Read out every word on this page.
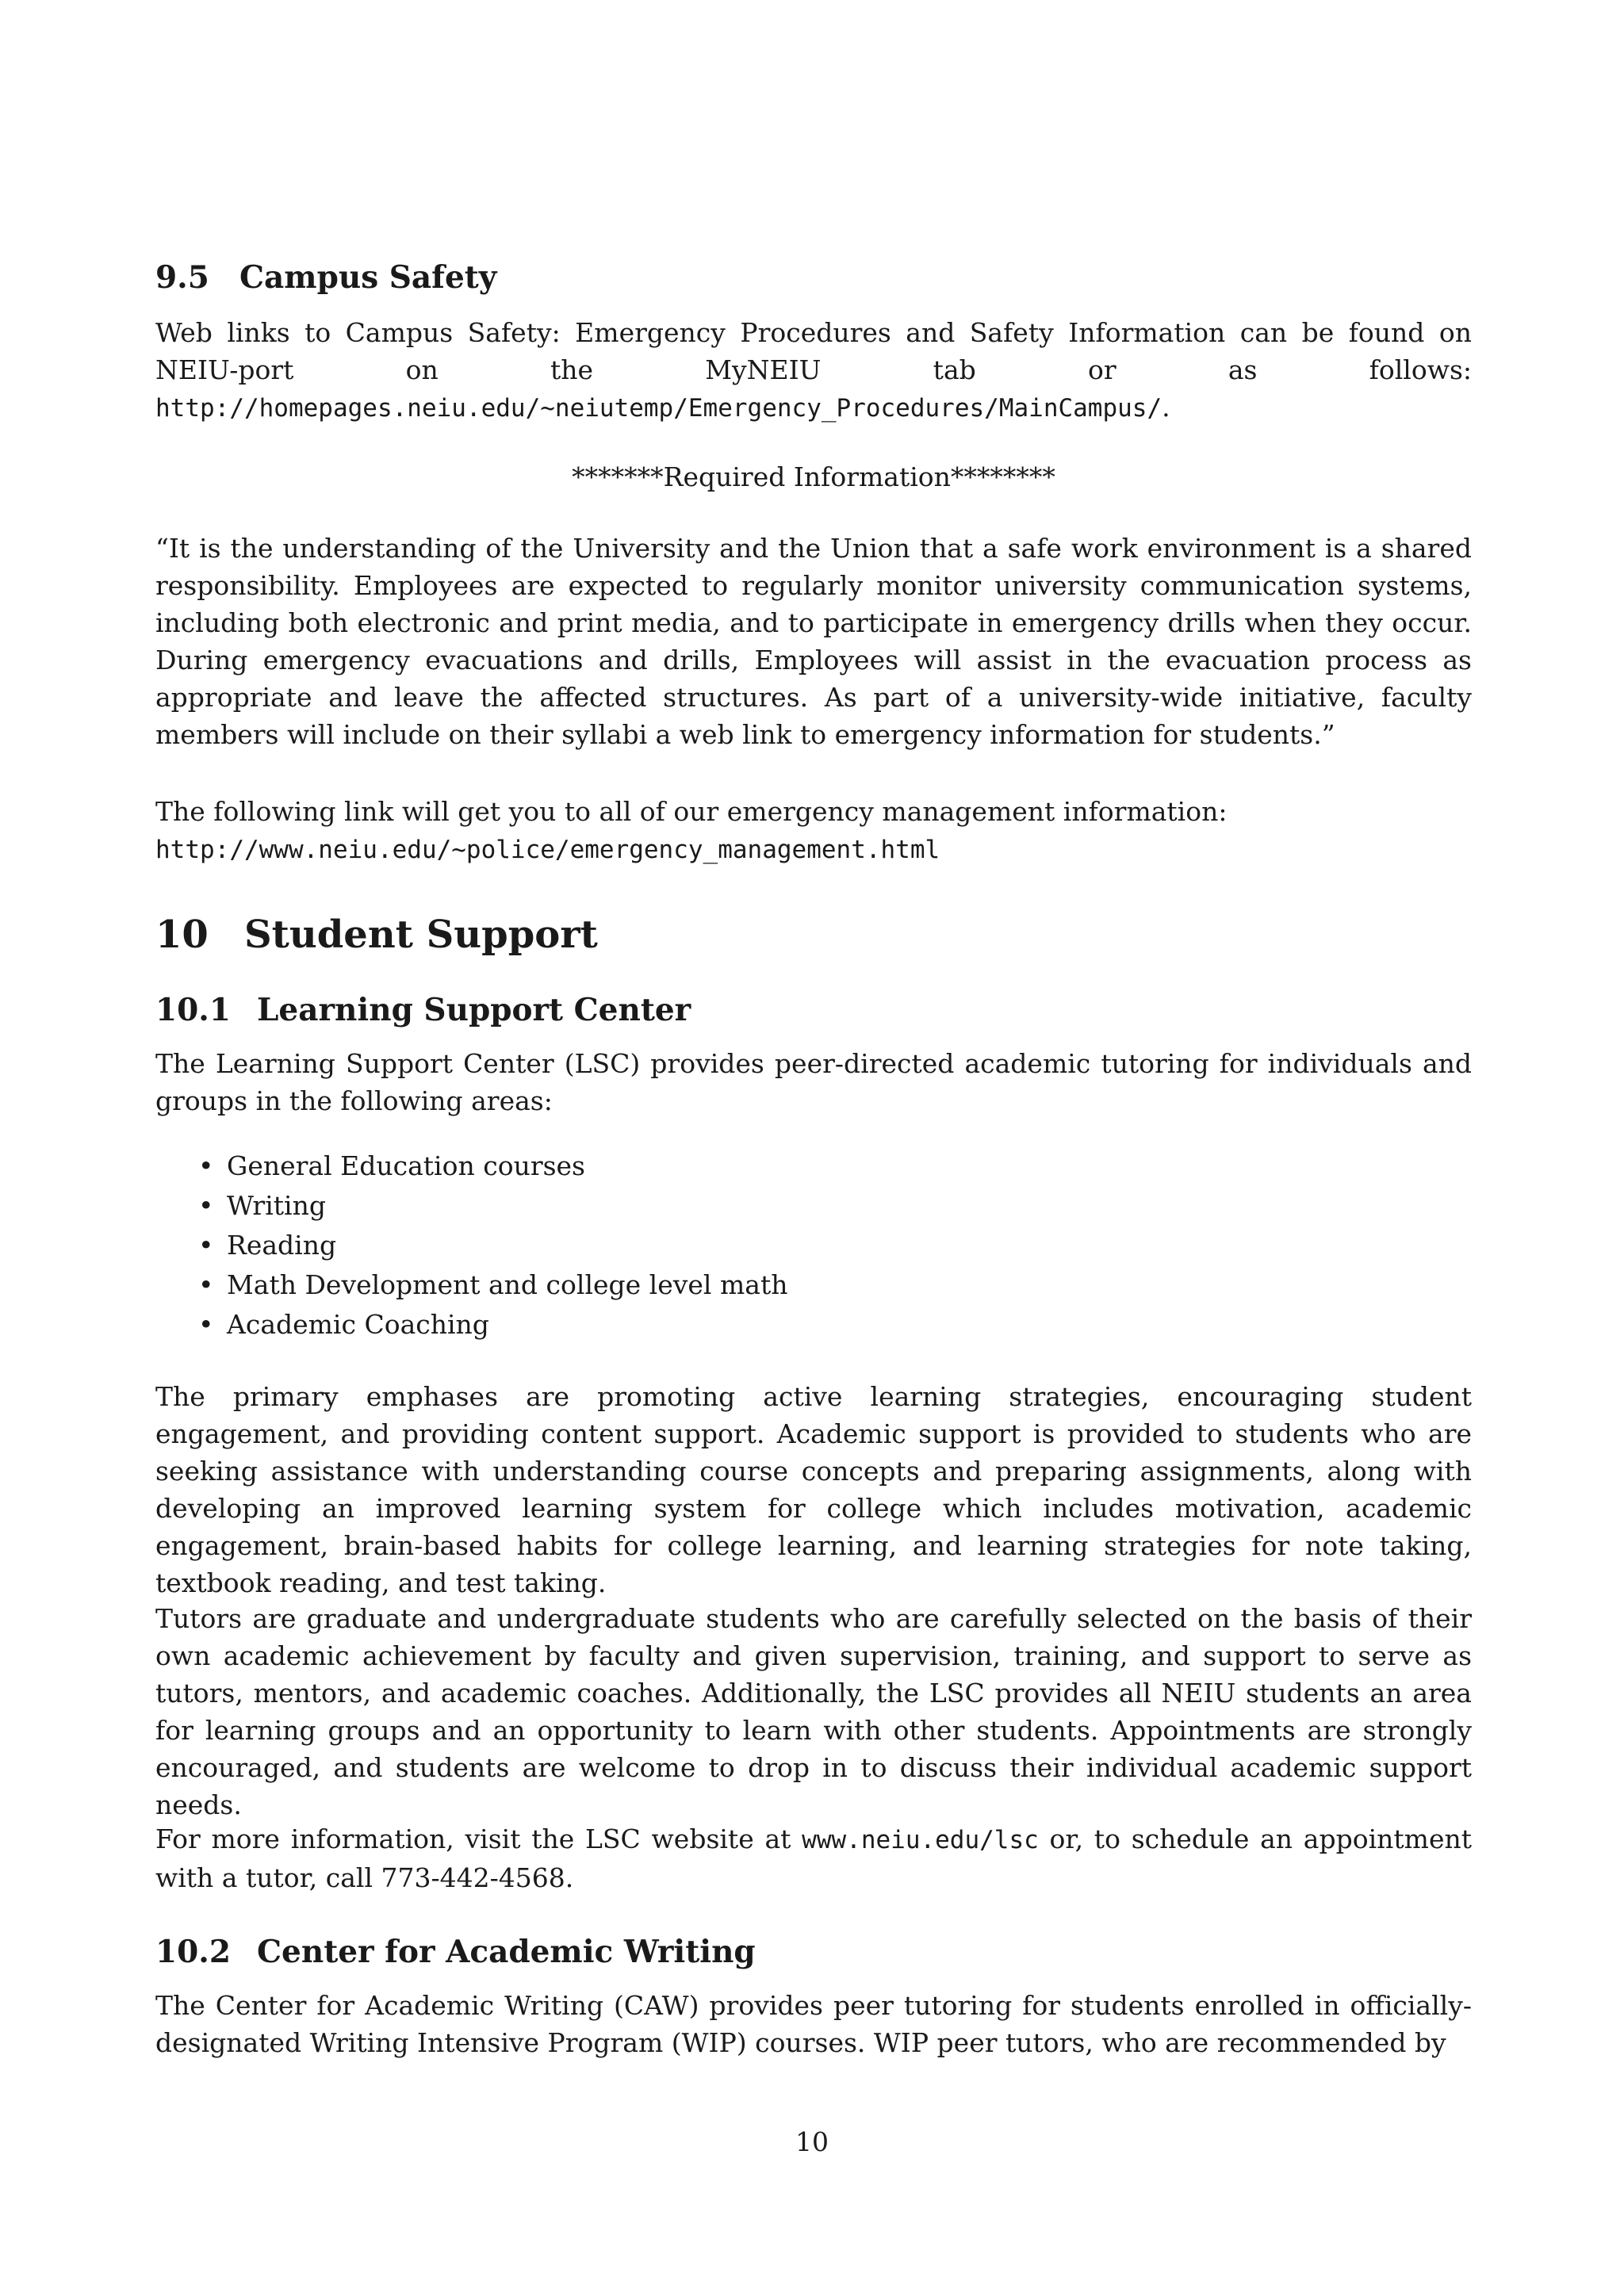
9.5 Campus Safety
Web links to Campus Safety: Emergency Procedures and Safety Information can be found on NEIU-port on the MyNEIU tab or as follows: http://homepages.neiu.edu/~neiutemp/Emergency_Procedures/MainCampus/.
*******Required Information********
“It is the understanding of the University and the Union that a safe work environment is a shared responsibility. Employees are expected to regularly monitor university communication systems, including both electronic and print media, and to participate in emergency drills when they occur. During emergency evacuations and drills, Employees will assist in the evacuation process as appropriate and leave the affected structures. As part of a university-wide initiative, faculty members will include on their syllabi a web link to emergency information for students.”
The following link will get you to all of our emergency management information:
http://www.neiu.edu/~police/emergency_management.html
10 Student Support
10.1 Learning Support Center
The Learning Support Center (LSC) provides peer-directed academic tutoring for individuals and groups in the following areas:
• General Education courses
• Writing
• Reading
• Math Development and college level math
• Academic Coaching
The primary emphases are promoting active learning strategies, encouraging student engagement, and providing content support. Academic support is provided to students who are seeking assistance with understanding course concepts and preparing assignments, along with developing an improved learning system for college which includes motivation, academic engagement, brain-based habits for college learning, and learning strategies for note taking, textbook reading, and test taking.
Tutors are graduate and undergraduate students who are carefully selected on the basis of their own academic achievement by faculty and given supervision, training, and support to serve as tutors, mentors, and academic coaches. Additionally, the LSC provides all NEIU students an area for learning groups and an opportunity to learn with other students. Appointments are strongly encouraged, and students are welcome to drop in to discuss their individual academic support needs.
For more information, visit the LSC website at www.neiu.edu/lsc or, to schedule an appointment with a tutor, call 773-442-4568.
10.2 Center for Academic Writing
The Center for Academic Writing (CAW) provides peer tutoring for students enrolled in officially-designated Writing Intensive Program (WIP) courses. WIP peer tutors, who are recommended by
10
